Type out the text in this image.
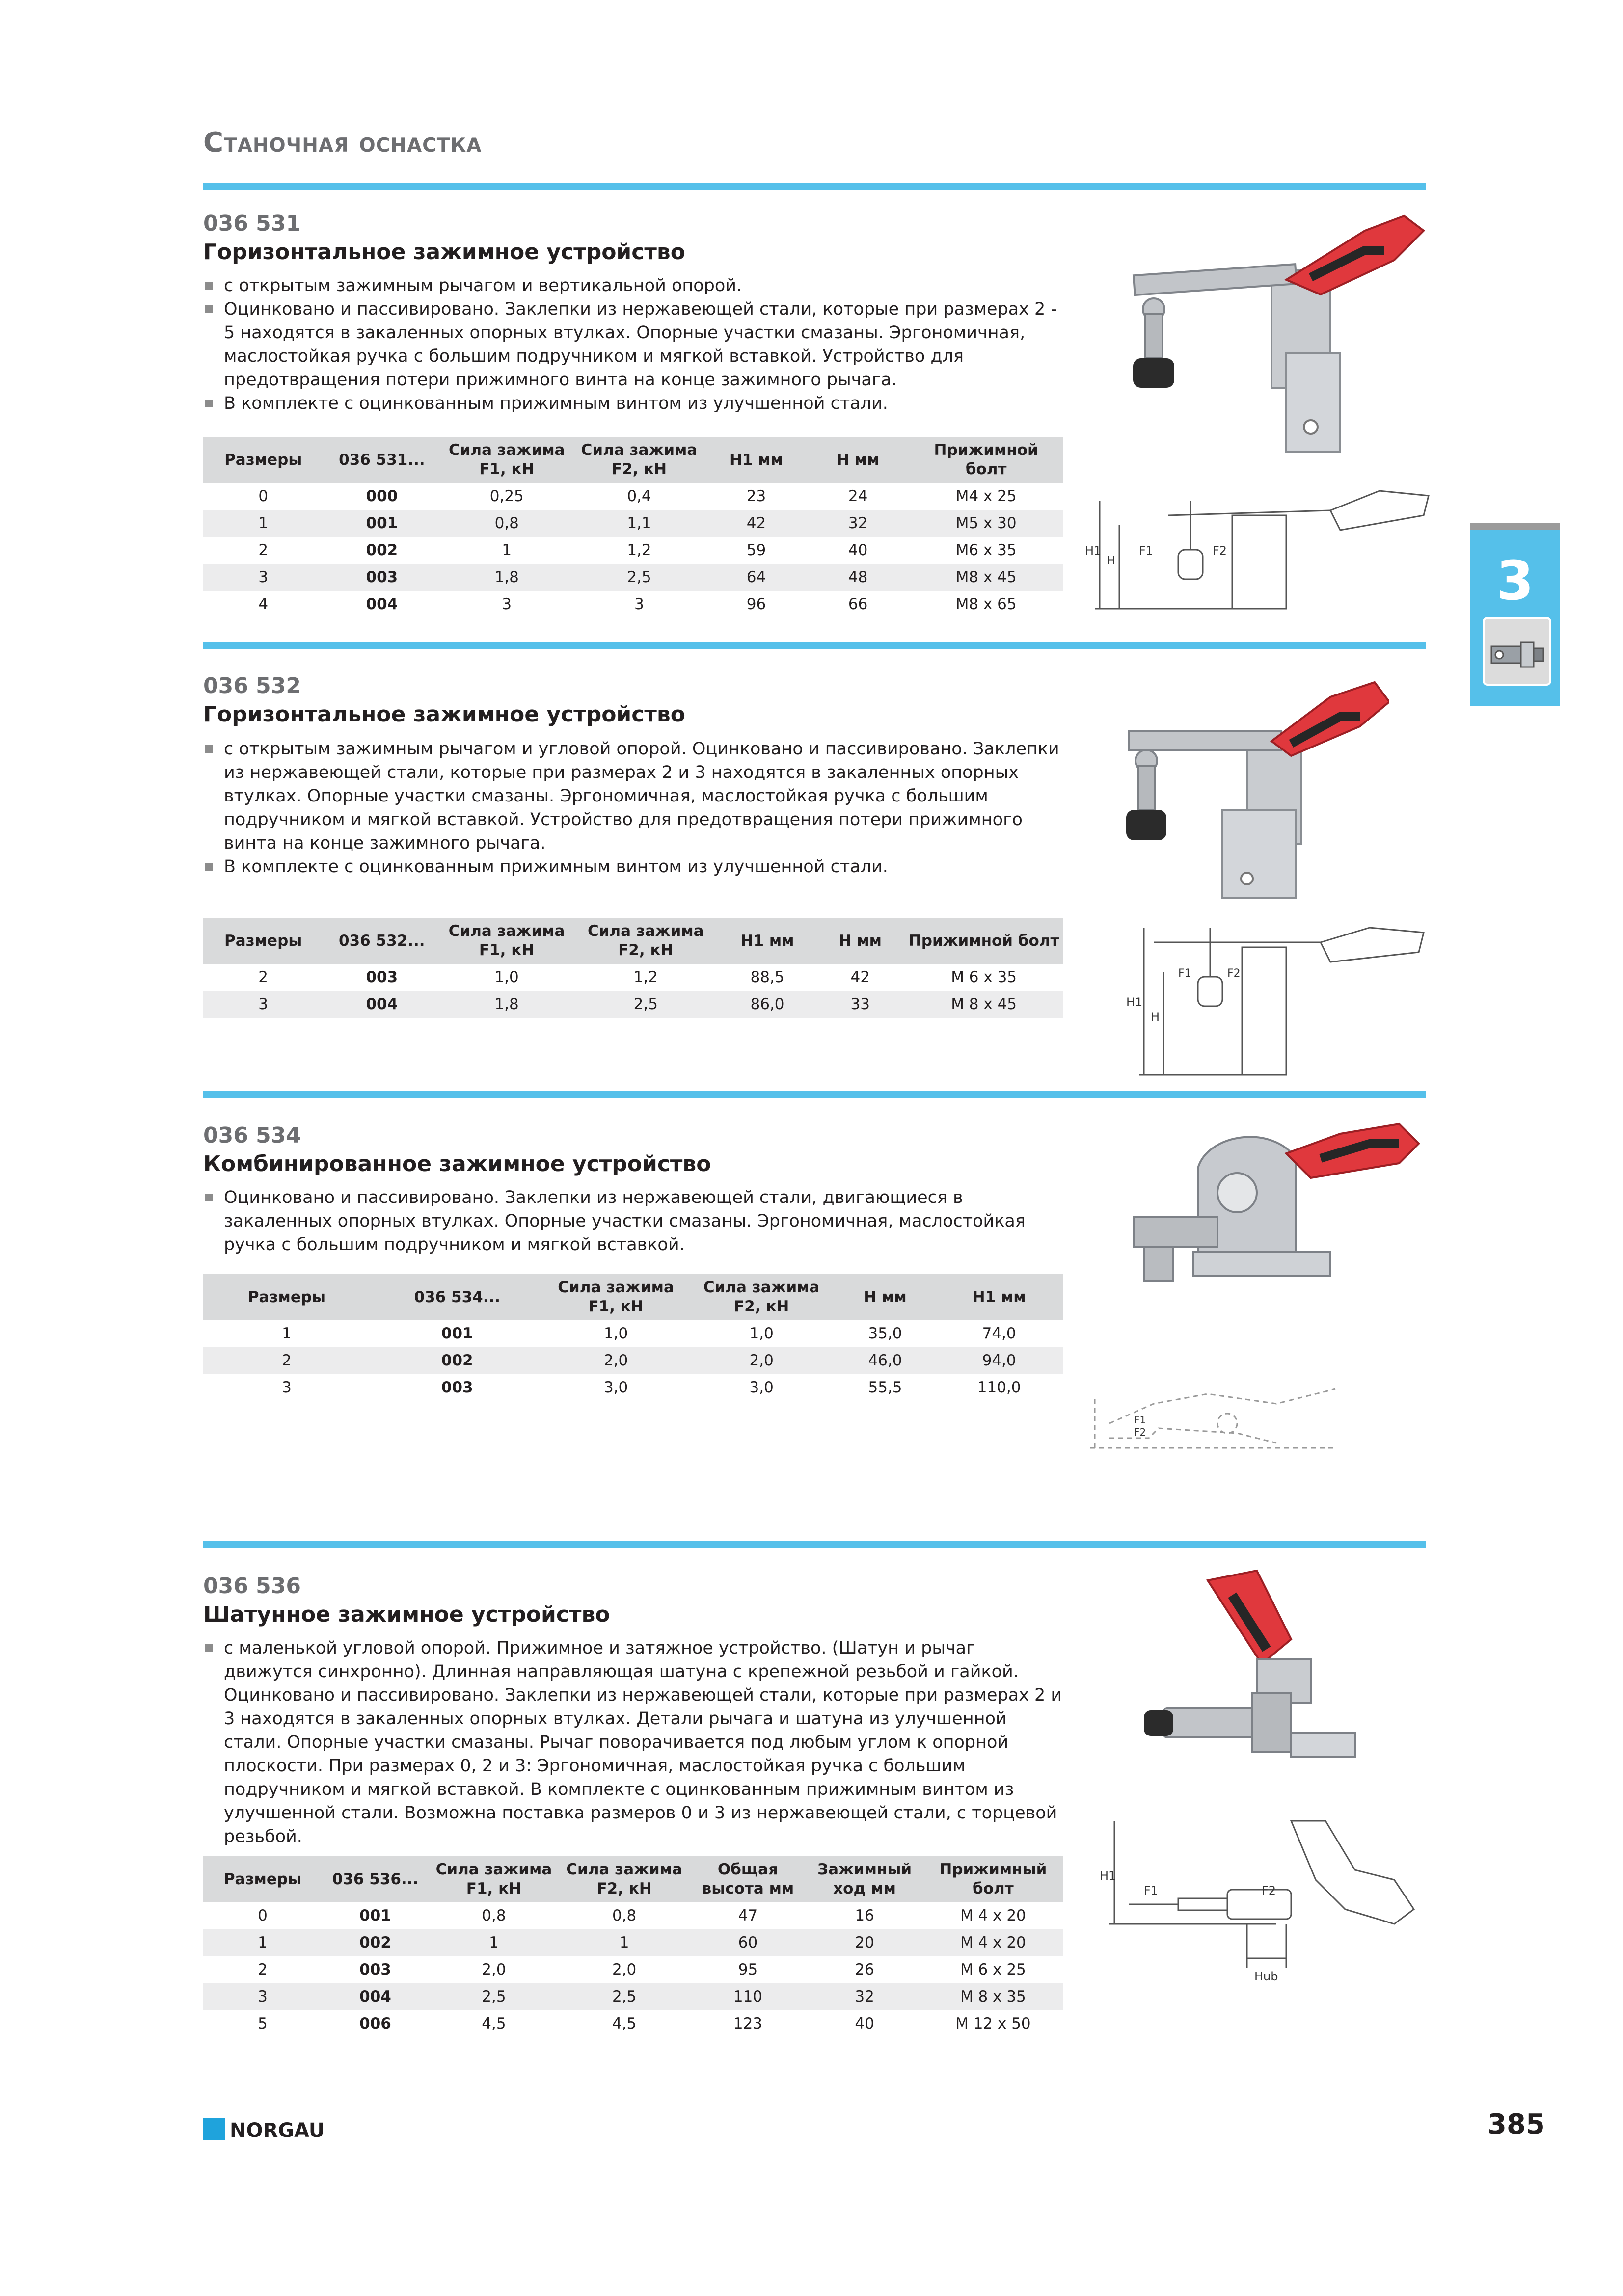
Станочная оснастка
3
036 531
Горизонтальное зажимное устройство

с открытым зажимным рычагом и вертикальной опорой.

Оцинковано и пассивировано. Заклепки из нержавеющей стали, которые при размерах 2 - 5 находятся в закаленных опорных втулках. Опорные участки смазаны. Эргономичная, маслостойкая ручка с большим подручником и мягкой вставкой. Устройство для предотвращения потери прижимного винта на конце зажимного рычага.

В комплекте с оцинкованным прижимным винтом из улучшенной стали.

Размеры	036 531...	Сила зажима F1, кН	Сила зажима F2, кН	H1 мм	H мм	Прижимной болт
0	000	0,25	0,4	23	24	M4 x 25
1	001	0,8	1,1	42	32	M5 x 30
2	002	1	1,2	59	40	M6 x 35
3	003	1,8	2,5	64	48	M8 x 45
4	004	3	3	96	66	M8 x 65
H1
H
F1	F2
036 532
Горизонтальное зажимное устройство

с открытым зажимным рычагом и угловой опорой. Оцинковано и пассивировано. Заклепки из нержавеющей стали, которые при размерах 2 и 3 находятся в закаленных опорных втулках. Опорные участки смазаны. Эргономичная, маслостойкая ручка с большим подручником и мягкой вставкой. Устройство для предотвращения потери прижимного винта на конце зажимного рычага.

В комплекте с оцинкованным прижимным винтом из улучшенной стали.

Размеры	036 532...	Сила зажима F1, кН	Сила зажима F2, кН	H1 мм	H мм	Прижимной болт
2	003	1,0	1,2	88,5	42	M 6 x 35
3	004	1,8	2,5	86,0	33	M 8 x 45	H1
H
F1	F2
036 534
Комбинированное зажимное устройство

Оцинковано и пассивировано. Заклепки из нержавеющей стали, двигающиеся в закаленных опорных втулках. Опорные участки смазаны. Эргономичная, маслостойкая ручка с большим подручником и мягкой вставкой.

Размеры	036 534...	Сила зажима F1, кН	Сила зажима F2, кН	H мм	H1 мм
1	001	1,0	1,0	35,0	74,0
2	002	2,0	2,0	46,0	94,0
3	003	3,0	3,0	55,5	110,0
F1
F2
036 536
Шатунное зажимное устройство

с маленькой угловой опорой. Прижимное и затяжное устройство. (Шатун и рычаг движутся синхронно). Длинная направляющая шатуна с крепежной резьбой и гайкой. Оцинковано и пассивировано. Заклепки из нержавеющей стали, которые при размерах 2 и 3 находятся в закаленных опорных втулках. Детали рычага и шатуна из улучшенной стали. Опорные участки смазаны. Рычаг поворачивается под любым углом к опорной плоскости. При размерах 0, 2 и 3: Эргономичная, маслостойкая ручка с большим подручником и мягкой вставкой. В комплекте с оцинкованным прижимным винтом из улучшенной стали. Возможна поставка размеров 0 и 3 из нержавеющей стали, с торцевой резьбой.

Размеры	036 536...	Сила зажима F1, кН	Сила зажима F2, кН	Общая высота мм	Зажимный ход мм	Прижимный болт
0	001	0,8	0,8	47	16	M 4 x 20
1	002	1	1	60	20	M 4 x 20
2	003	2,0	2,0	95	26	M 6 x 25
3	004	2,5	2,5	110	32	M 8 x 35
5	006	4,5	4,5	123	40	M 12 x 50
H1
F1	F2
Hub
NORGAU	385
